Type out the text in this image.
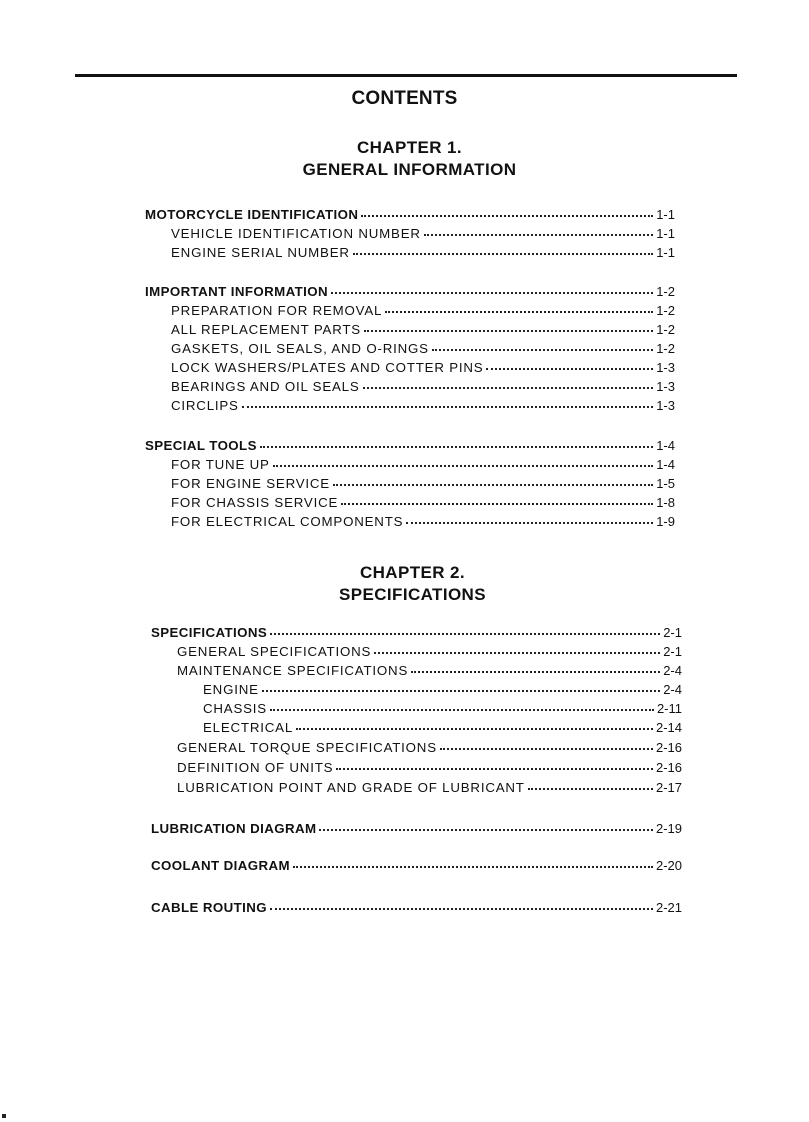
CONTENTS
CHAPTER 1.
GENERAL INFORMATION
MOTORCYCLE IDENTIFICATION	1-1
VEHICLE IDENTIFICATION NUMBER	1-1
ENGINE SERIAL NUMBER	1-1
IMPORTANT INFORMATION	1-2
PREPARATION FOR REMOVAL	1-2
ALL REPLACEMENT PARTS	1-2
GASKETS, OIL SEALS, AND O-RINGS	1-2
LOCK WASHERS/PLATES AND COTTER PINS	1-3
BEARINGS AND OIL SEALS	1-3
CIRCLIPS	1-3
SPECIAL TOOLS	1-4
FOR TUNE UP	1-4
FOR ENGINE SERVICE	1-5
FOR CHASSIS SERVICE	1-8
FOR ELECTRICAL COMPONENTS	1-9
CHAPTER 2.
SPECIFICATIONS
SPECIFICATIONS	2-1
GENERAL SPECIFICATIONS	2-1
MAINTENANCE SPECIFICATIONS	2-4
ENGINE	2-4
CHASSIS	2-11
ELECTRICAL	2-14
GENERAL TORQUE SPECIFICATIONS	2-16
DEFINITION OF UNITS	2-16
LUBRICATION POINT AND GRADE OF LUBRICANT	2-17
LUBRICATION DIAGRAM	2-19
COOLANT DIAGRAM	2-20
CABLE ROUTING	2-21
